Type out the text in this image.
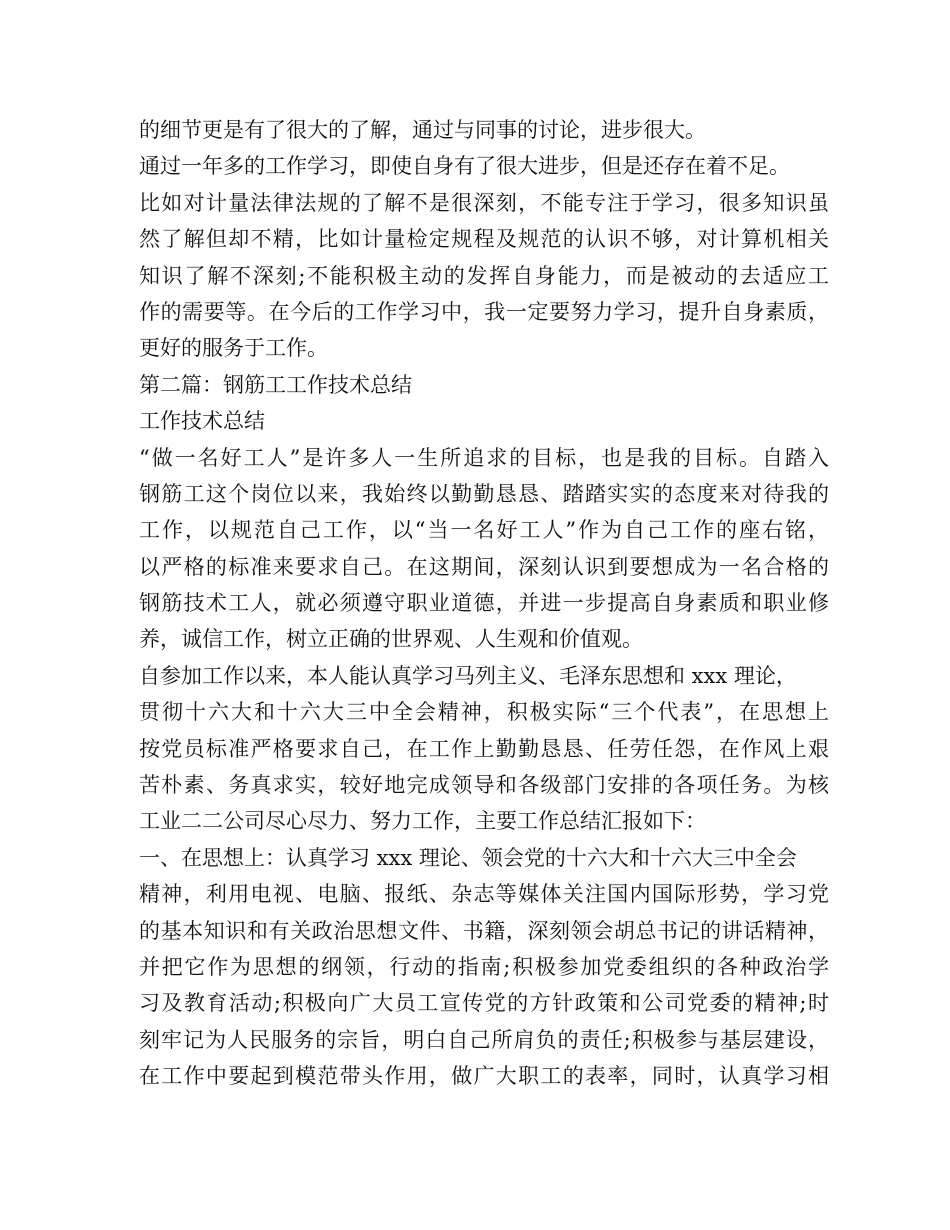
的细节更是有了很大的了解，通过与同事的讨论，进步很大。
通过一年多的工作学习，即使自身有了很大进步，但是还存在着不足。
比如对计量法律法规的了解不是很深刻，不能专注于学习，很多知识虽
然了解但却不精，比如计量检定规程及规范的认识不够，对计算机相关
知识了解不深刻;不能积极主动的发挥自身能力，而是被动的去适应工
作的需要等。在今后的工作学习中，我一定要努力学习，提升自身素质，
更好的服务于工作。
第二篇：钢筋工工作技术总结
工作技术总结
“做一名好工人”是许多人一生所追求的目标，也是我的目标。自踏入
钢筋工这个岗位以来，我始终以勤勤恳恳、踏踏实实的态度来对待我的
工作，以规范自己工作，以“当一名好工人”作为自己工作的座右铭，
以严格的标准来要求自己。在这期间，深刻认识到要想成为一名合格的
钢筋技术工人，就必须遵守职业道德，并进一步提高自身素质和职业修
养，诚信工作，树立正确的世界观、人生观和价值观。
自参加工作以来，本人能认真学习马列主义、毛泽东思想和 xxx 理论，
贯彻十六大和十六大三中全会精神，积极实际“三个代表”，在思想上
按党员标准严格要求自己，在工作上勤勤恳恳、任劳任怨，在作风上艰
苦朴素、务真求实，较好地完成领导和各级部门安排的各项任务。为核
工业二二公司尽心尽力、努力工作，主要工作总结汇报如下：
一、在思想上：认真学习 xxx 理论、领会党的十六大和十六大三中全会
精神，利用电视、电脑、报纸、杂志等媒体关注国内国际形势，学习党
的基本知识和有关政治思想文件、书籍，深刻领会胡总书记的讲话精神，
并把它作为思想的纲领，行动的指南;积极参加党委组织的各种政治学
习及教育活动;积极向广大员工宣传党的方针政策和公司党委的精神;时
刻牢记为人民服务的宗旨，明白自己所肩负的责任;积极参与基层建设，
在工作中要起到模范带头作用，做广大职工的表率，同时，认真学习相
